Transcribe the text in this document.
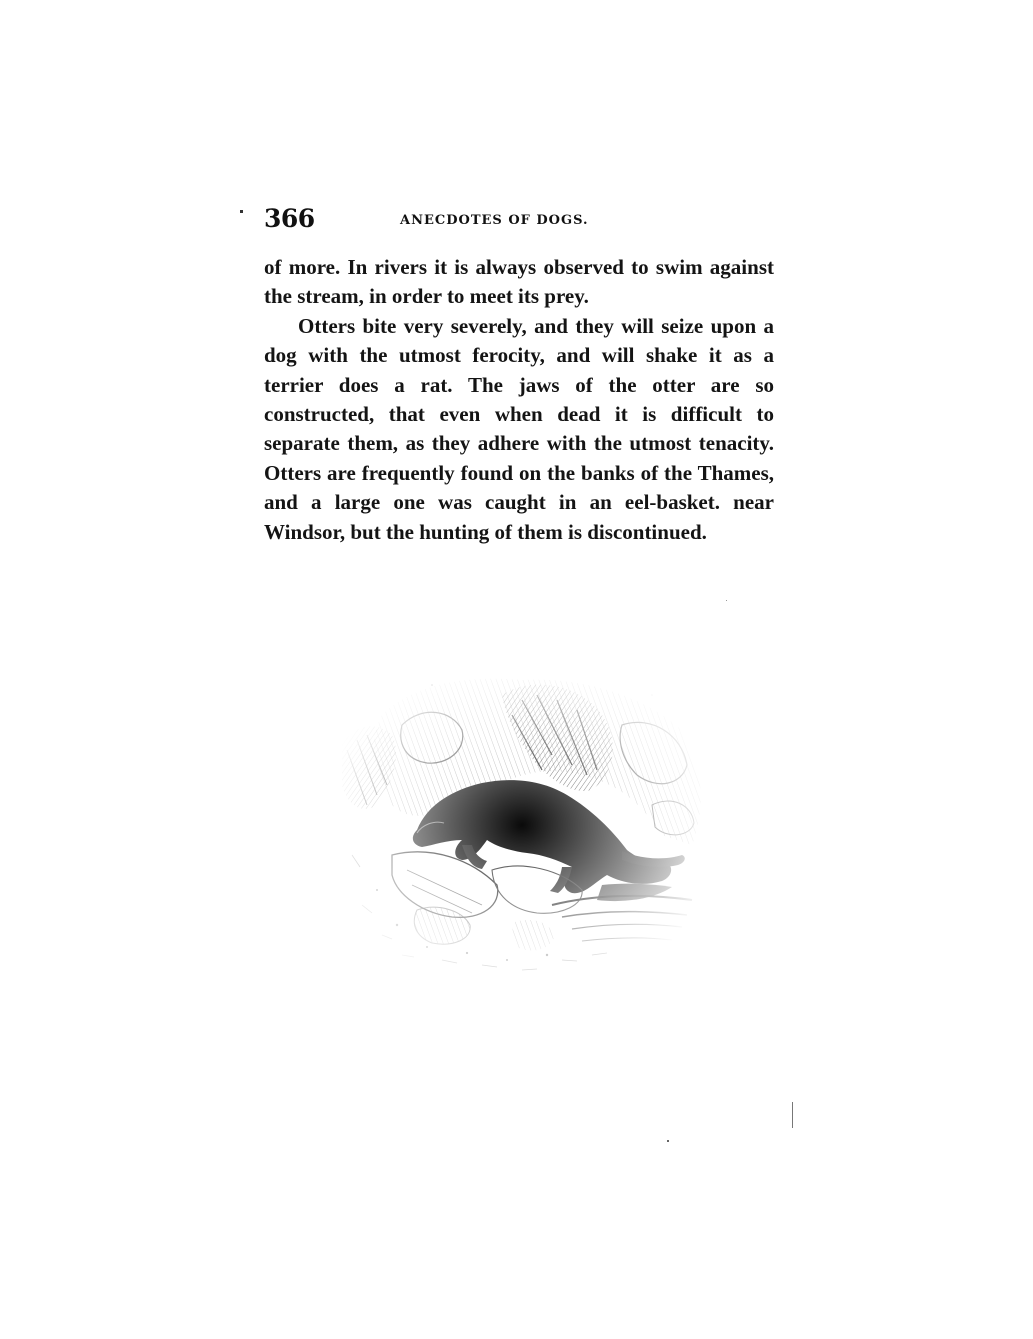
366	ANECDOTES OF DOGS.

of more. In rivers it is always observed to swim against the stream, in order to meet its prey.

Otters bite very severely, and they will seize upon a dog with the utmost ferocity, and will shake it as a terrier does a rat. The jaws of the otter are so constructed, that even when dead it is difficult to separate them, as they adhere with the utmost tenacity. Otters are frequently found on the banks of the Thames, and a large one was caught in an eel-basket. near Windsor, but the hunting of them is discontinued.
